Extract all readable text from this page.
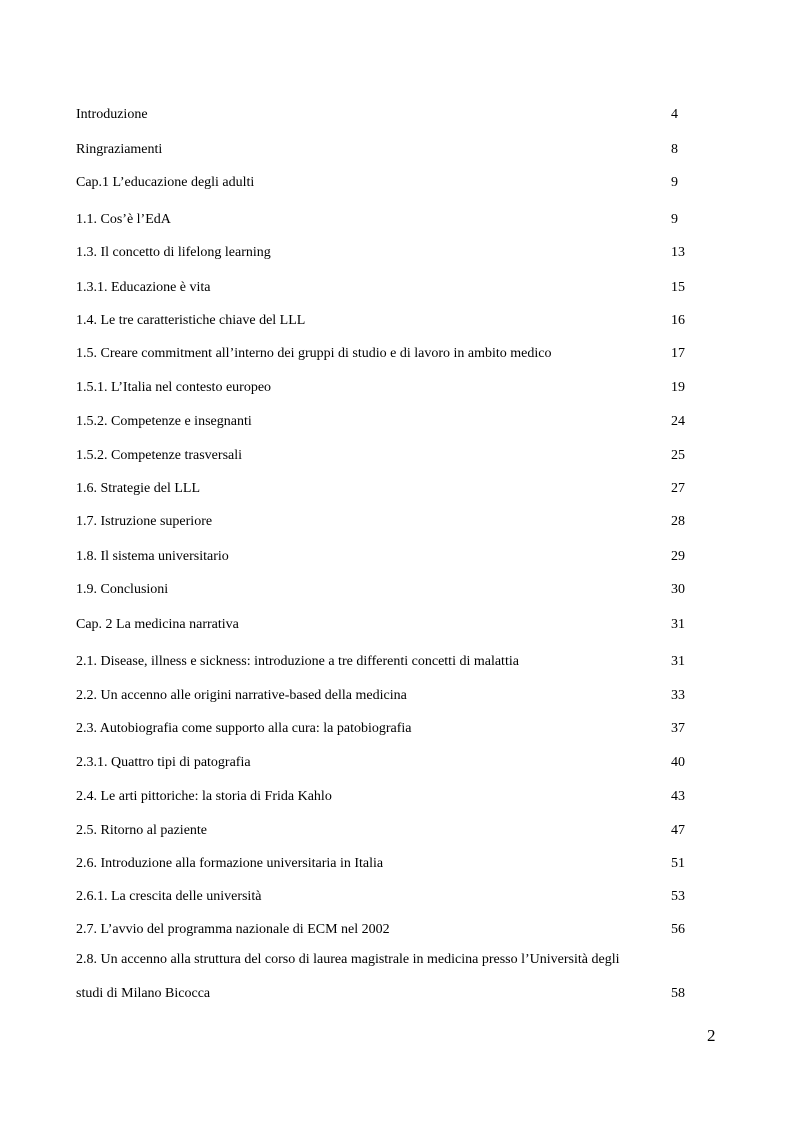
Introduzione	4
Ringraziamenti	8
Cap.1 L’educazione degli adulti	9
1.1. Cos’è l’EdA	9
1.3. Il concetto di lifelong learning	13
1.3.1. Educazione è vita	15
1.4. Le tre caratteristiche chiave del LLL	16
1.5. Creare commitment all’interno dei gruppi di studio e di lavoro in ambito medico	17
1.5.1. L’Italia nel contesto europeo	19
1.5.2. Competenze e insegnanti	24
1.5.2. Competenze trasversali	25
1.6. Strategie del LLL	27
1.7. Istruzione superiore	28
1.8. Il sistema universitario	29
1.9. Conclusioni	30
Cap. 2 La medicina narrativa	31
2.1. Disease, illness e sickness: introduzione a tre differenti concetti di malattia	31
2.2. Un accenno alle origini narrative-based della medicina	33
2.3. Autobiografia come supporto alla cura: la patobiografia	37
2.3.1. Quattro tipi di patografia	40
2.4. Le arti pittoriche: la storia di Frida Kahlo	43
2.5. Ritorno al paziente	47
2.6. Introduzione alla formazione universitaria in Italia	51
2.6.1. La crescita delle università	53
2.7. L’avvio del programma nazionale di ECM nel 2002	56
2.8. Un accenno alla struttura del corso di laurea magistrale in medicina presso l’Università degli
studi di Milano Bicocca	58
2
